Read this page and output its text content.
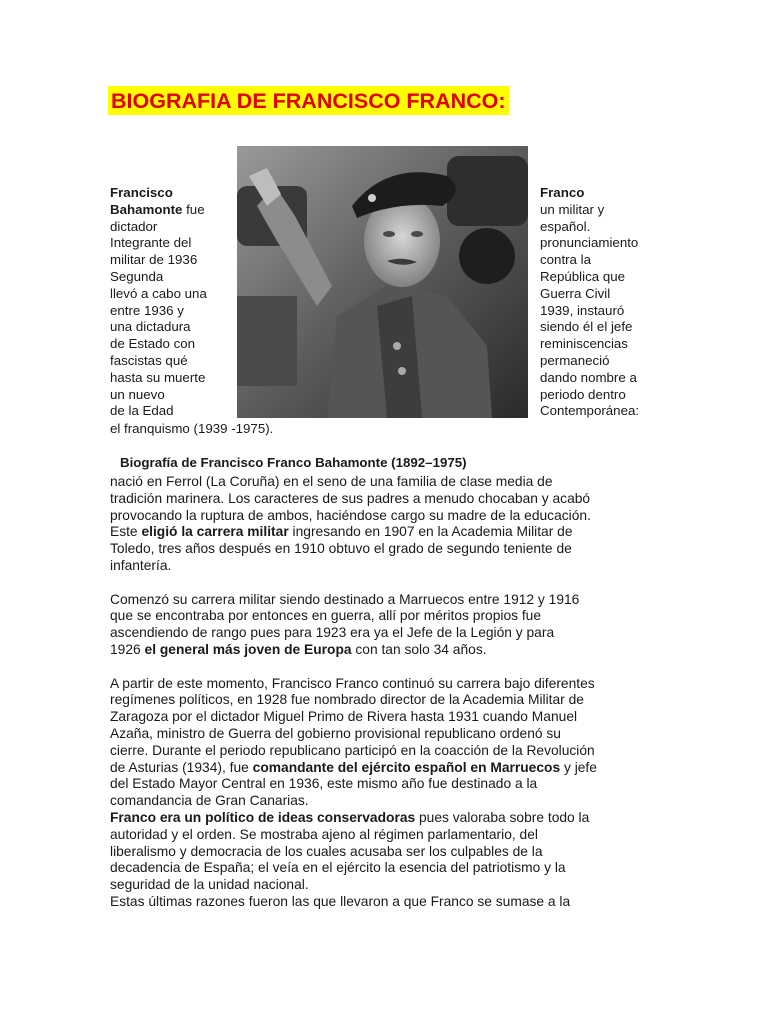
BIOGRAFIA DE FRANCISCO FRANCO:
Francisco
Bahamonte fue
dictador
Integrante del
militar de 1936
Segunda
llevó a cabo una
entre 1936 y
una dictadura
de Estado con
fascistas qué
hasta su muerte
un nuevo
de la Edad
Franco
un militar y
español.
pronunciamiento
contra la
República que
Guerra Civil
1939, instauró
siendo él el jefe
reminiscencias
permaneció
dando nombre a
periodo dentro
Contemporánea:
el franquismo (1939 -1975).
Biografía de Francisco Franco Bahamonte (1892–1975)
nació en Ferrol (La Coruña) en el seno de una familia de clase media de
tradición marinera. Los caracteres de sus padres a menudo chocaban y acabó
provocando la ruptura de ambos, haciéndose cargo su madre de la educación.
Este eligió la carrera militar ingresando en 1907 en la Academia Militar de
Toledo, tres años después en 1910 obtuvo el grado de segundo teniente de
infantería.
Comenzó su carrera militar siendo destinado a Marruecos entre 1912 y 1916
que se encontraba por entonces en guerra, allí por méritos propios fue
ascendiendo de rango pues para 1923 era ya el Jefe de la Legión y para
1926 el general más joven de Europa con tan solo 34 años.
A partir de este momento, Francisco Franco continuó su carrera bajo diferentes
regímenes políticos, en 1928 fue nombrado director de la Academia Militar de
Zaragoza por el dictador Miguel Primo de Rivera hasta 1931 cuando Manuel
Azaña, ministro de Guerra del gobierno provisional republicano ordenó su
cierre. Durante el periodo republicano participó en la coacción de la Revolución
de Asturias (1934), fue comandante del ejército español en Marruecos y jefe
del Estado Mayor Central en 1936, este mismo año fue destinado a la
comandancia de Gran Canarias.
Franco era un político de ideas conservadoras pues valoraba sobre todo la
autoridad y el orden. Se mostraba ajeno al régimen parlamentario, del
liberalismo y democracia de los cuales acusaba ser los culpables de la
decadencia de España; el veía en el ejército la esencia del patriotismo y la
seguridad de la unidad nacional.
Estas últimas razones fueron las que llevaron a que Franco se sumase a la
